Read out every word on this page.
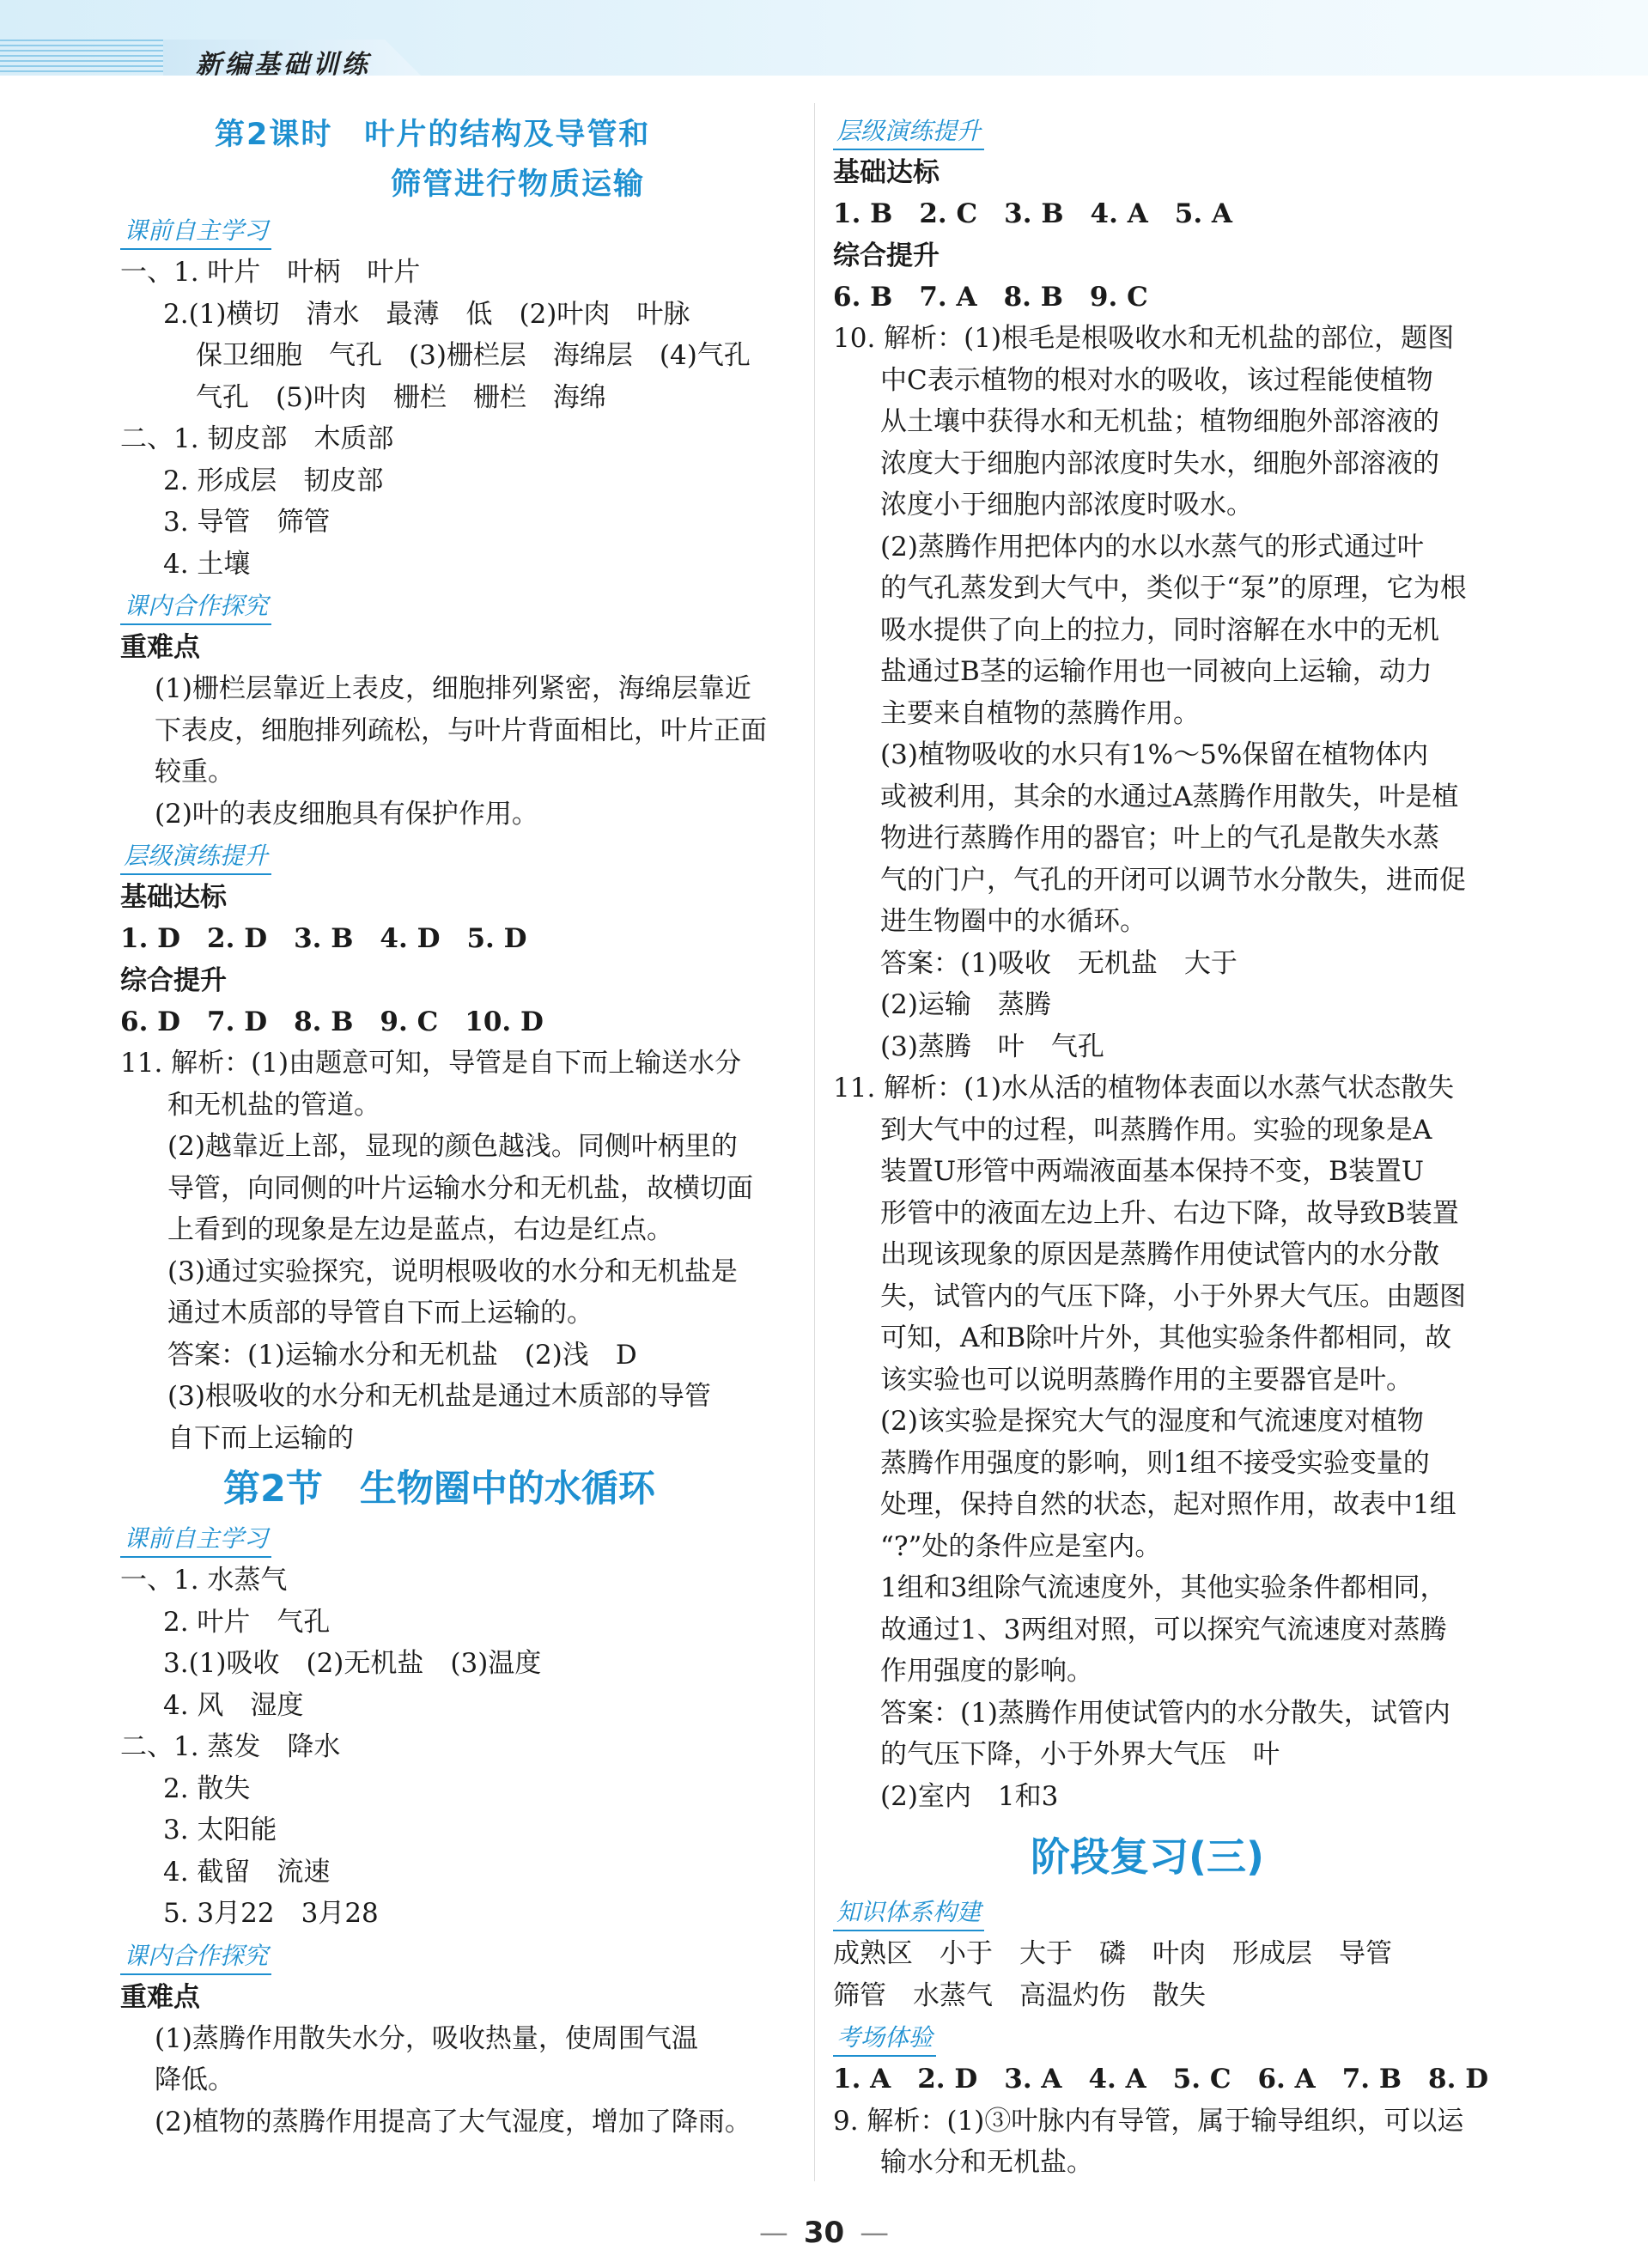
新编基础训练
第2课时　叶片的结构及导管和
筛管进行物质运输
课前自主学习
一、1. 叶片　叶柄　叶片
2.(1)横切　清水　最薄　低　(2)叶肉　叶脉
保卫细胞　气孔　(3)栅栏层　海绵层　(4)气孔
气孔　(5)叶肉　栅栏　栅栏　海绵
二、1. 韧皮部　木质部
2. 形成层　韧皮部
3. 导管　筛管
4. 土壤
课内合作探究
重难点
(1)栅栏层靠近上表皮，细胞排列紧密，海绵层靠近
下表皮，细胞排列疏松，与叶片背面相比，叶片正面
较重。
(2)叶的表皮细胞具有保护作用。
层级演练提升
基础达标
1. D　2. D　3. B　4. D　5. D
综合提升
6. D　7. D　8. B　9. C　10. D
11. 解析：(1)由题意可知，导管是自下而上输送水分
和无机盐的管道。
(2)越靠近上部，显现的颜色越浅。同侧叶柄里的
导管，向同侧的叶片运输水分和无机盐，故横切面
上看到的现象是左边是蓝点，右边是红点。
(3)通过实验探究，说明根吸收的水分和无机盐是
通过木质部的导管自下而上运输的。
答案：(1)运输水分和无机盐　(2)浅　D
(3)根吸收的水分和无机盐是通过木质部的导管
自下而上运输的
第2节　生物圈中的水循环
课前自主学习
一、1. 水蒸气
2. 叶片　气孔
3.(1)吸收　(2)无机盐　(3)温度
4. 风　湿度
二、1. 蒸发　降水
2. 散失
3. 太阳能
4. 截留　流速
5. 3月22　3月28
课内合作探究
重难点
(1)蒸腾作用散失水分，吸收热量，使周围气温
降低。
(2)植物的蒸腾作用提高了大气湿度，增加了降雨。
层级演练提升
基础达标
1. B　2. C　3. B　4. A　5. A
综合提升
6. B　7. A　8. B　9. C
10. 解析：(1)根毛是根吸收水和无机盐的部位，题图
中C表示植物的根对水的吸收，该过程能使植物
从土壤中获得水和无机盐；植物细胞外部溶液的
浓度大于细胞内部浓度时失水，细胞外部溶液的
浓度小于细胞内部浓度时吸水。
(2)蒸腾作用把体内的水以水蒸气的形式通过叶
的气孔蒸发到大气中，类似于“泵”的原理，它为根
吸水提供了向上的拉力，同时溶解在水中的无机
盐通过B茎的运输作用也一同被向上运输，动力
主要来自植物的蒸腾作用。
(3)植物吸收的水只有1%～5%保留在植物体内
或被利用，其余的水通过A蒸腾作用散失，叶是植
物进行蒸腾作用的器官；叶上的气孔是散失水蒸
气的门户，气孔的开闭可以调节水分散失，进而促
进生物圈中的水循环。
答案：(1)吸收　无机盐　大于
(2)运输　蒸腾
(3)蒸腾　叶　气孔
11. 解析：(1)水从活的植物体表面以水蒸气状态散失
到大气中的过程，叫蒸腾作用。实验的现象是A
装置U形管中两端液面基本保持不变，B装置U
形管中的液面左边上升、右边下降，故导致B装置
出现该现象的原因是蒸腾作用使试管内的水分散
失，试管内的气压下降，小于外界大气压。由题图
可知，A和B除叶片外，其他实验条件都相同，故
该实验也可以说明蒸腾作用的主要器官是叶。
(2)该实验是探究大气的湿度和气流速度对植物
蒸腾作用强度的影响，则1组不接受实验变量的
处理，保持自然的状态，起对照作用，故表中1组
“?”处的条件应是室内。
1组和3组除气流速度外，其他实验条件都相同，
故通过1、3两组对照，可以探究气流速度对蒸腾
作用强度的影响。
答案：(1)蒸腾作用使试管内的水分散失，试管内
的气压下降，小于外界大气压　叶
(2)室内　1和3
阶段复习(三)
知识体系构建
成熟区　小于　大于　磷　叶肉　形成层　导管
筛管　水蒸气　高温灼伤　散失
考场体验
1. A　2. D　3. A　4. A　5. C　6. A　7. B　8. D
9. 解析：(1)③叶脉内有导管，属于输导组织，可以运
输水分和无机盐。
— 30 —
